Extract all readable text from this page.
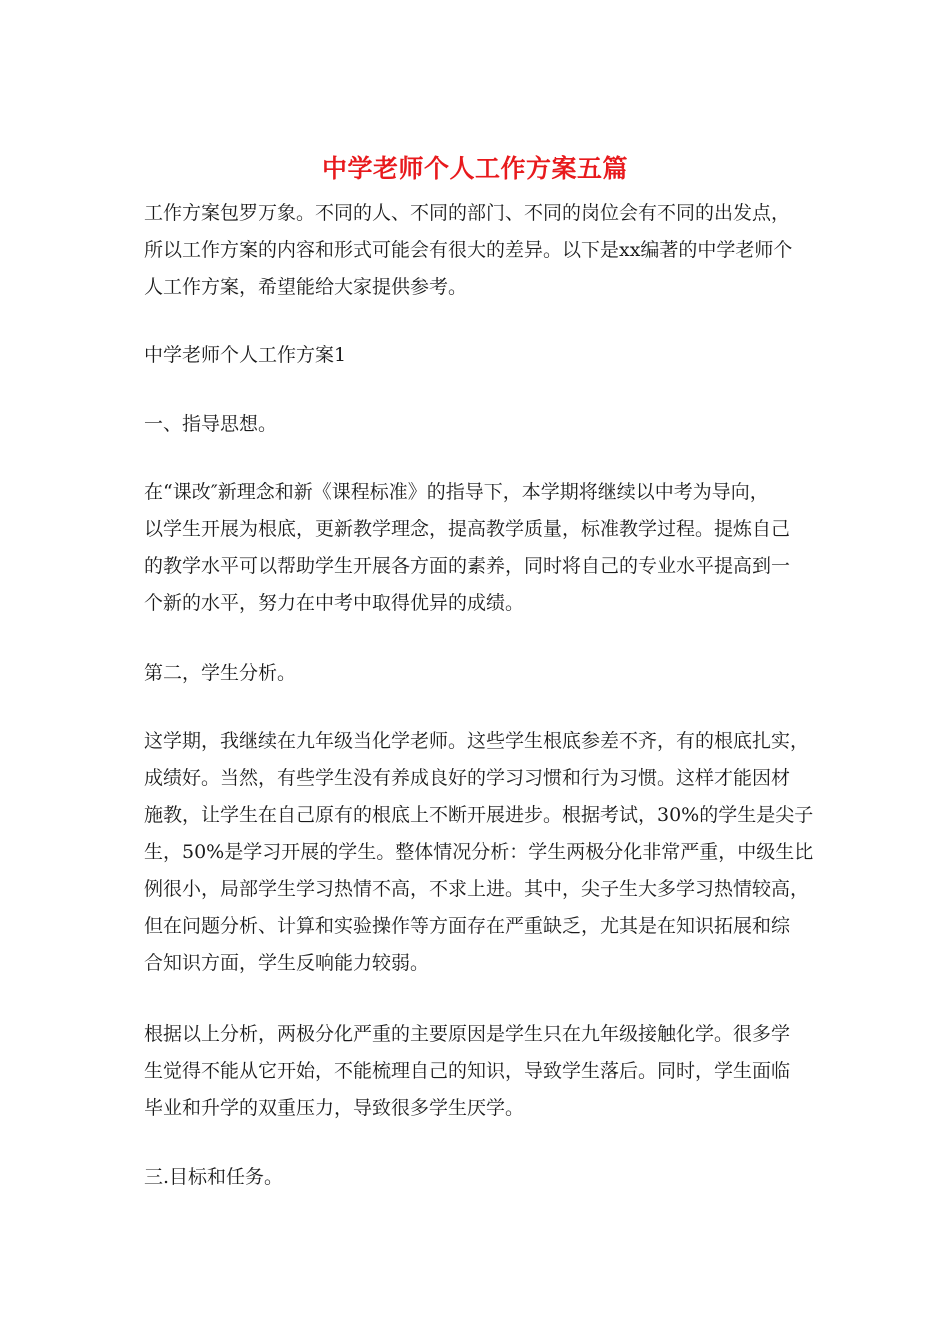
中学老师个人工作方案五篇

工作方案包罗万象。不同的人、不同的部门、不同的岗位会有不同的出发点，

所以工作方案的内容和形式可能会有很大的差异。以下是xx编著的中学老师个

人工作方案，希望能给大家提供参考。

中学老师个人工作方案1

一、指导思想。

在“课改″新理念和新《课程标准》的指导下，本学期将继续以中考为导向，

以学生开展为根底，更新教学理念，提高教学质量，标准教学过程。提炼自己

的教学水平可以帮助学生开展各方面的素养，同时将自己的专业水平提高到一

个新的水平，努力在中考中取得优异的成绩。

第二，学生分析。

这学期，我继续在九年级当化学老师。这些学生根底参差不齐，有的根底扎实，

成绩好。当然，有些学生没有养成良好的学习习惯和行为习惯。这样才能因材

施教，让学生在自己原有的根底上不断开展进步。根据考试，30%的学生是尖子

生，50%是学习开展的学生。整体情况分析：学生两极分化非常严重，中级生比

例很小，局部学生学习热情不高，不求上进。其中，尖子生大多学习热情较高，

但在问题分析、计算和实验操作等方面存在严重缺乏，尤其是在知识拓展和综

合知识方面，学生反响能力较弱。

根据以上分析，两极分化严重的主要原因是学生只在九年级接触化学。很多学

生觉得不能从它开始，不能梳理自己的知识，导致学生落后。同时，学生面临

毕业和升学的双重压力，导致很多学生厌学。

三.目标和任务。
